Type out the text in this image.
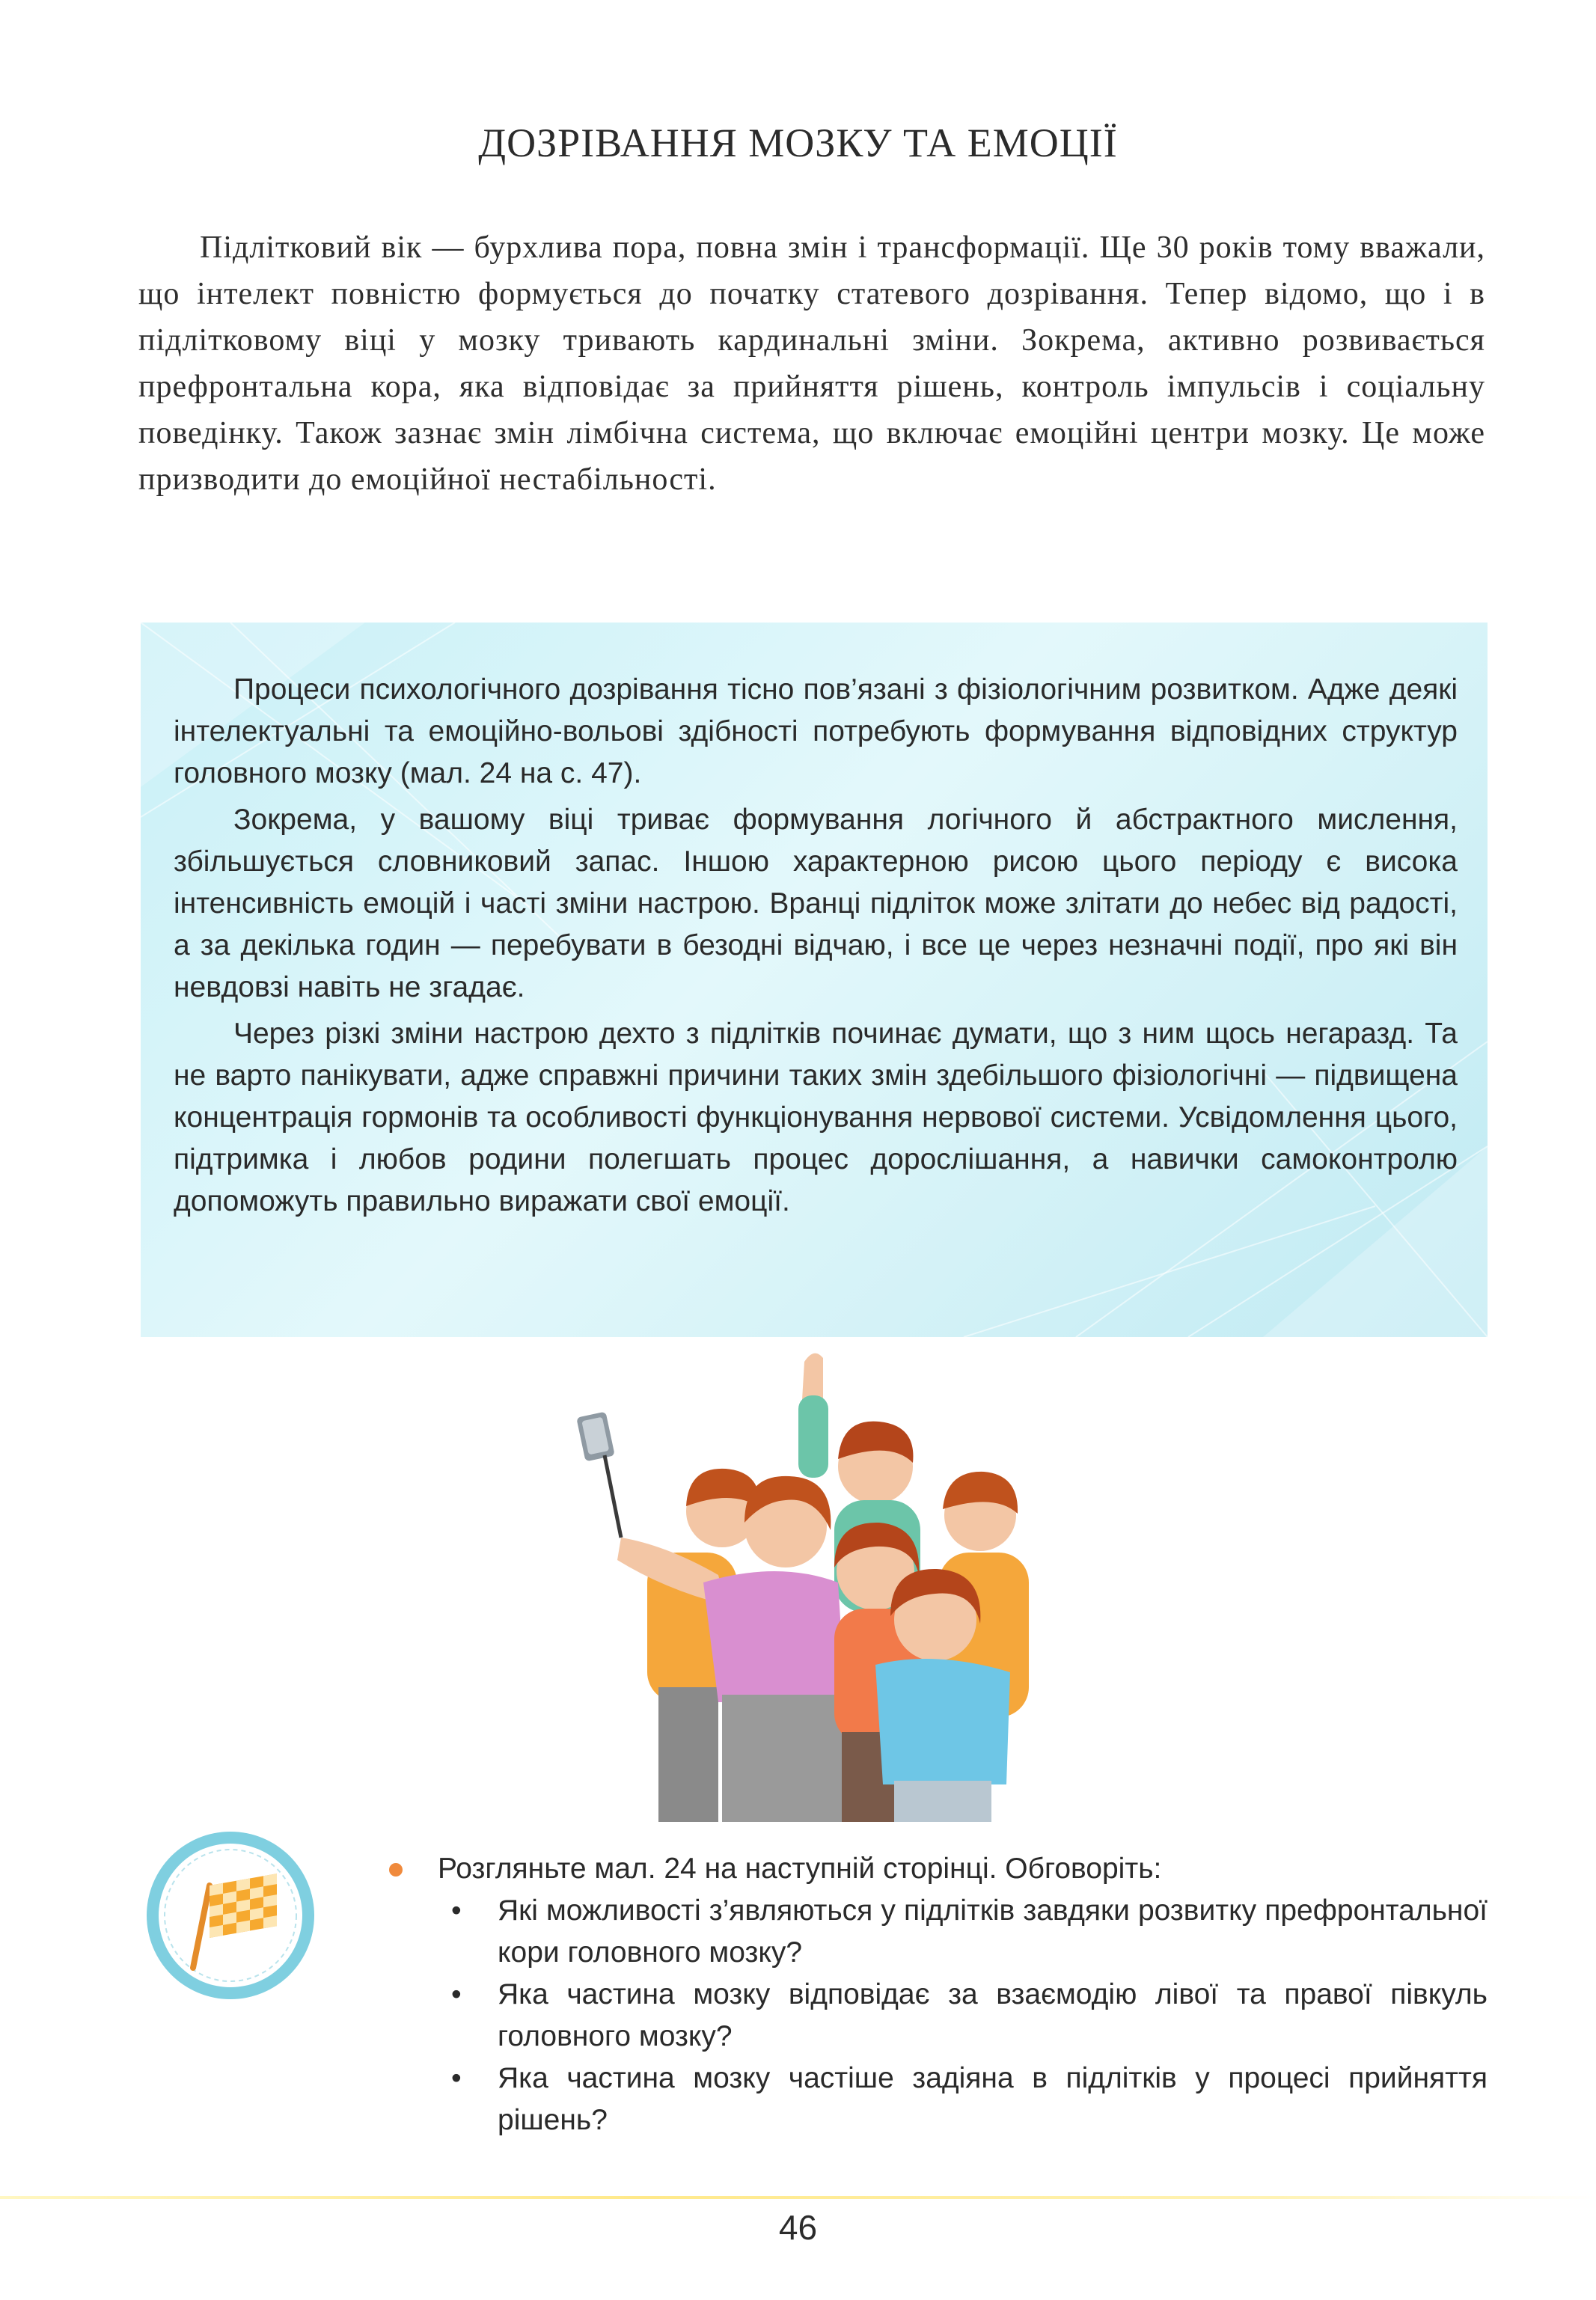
ДОЗРІВАННЯ МОЗКУ ТА ЕМОЦІЇ
Підлітковий вік — бурхлива пора, повна змін і трансформації. Ще 30 років тому вважали, що інтелект повністю формується до початку статевого дозрівання. Тепер відомо, що і в підлітковому віці у мозку тривають кардинальні зміни. Зокрема, активно розвивається префронтальна кора, яка відповідає за прийняття рішень, контроль імпульсів і соціальну поведінку. Також зазнає змін лімбічна система, що включає емоційні центри мозку. Це може призводити до емоційної нестабільності.

Процеси психологічного дозрівання тісно пов’язані з фізіологічним розвитком. Адже деякі інтелектуальні та емоційно-вольові здібності потребують формування відповідних структур головного мозку (мал. 24 на с. 47).

Зокрема, у вашому віці триває формування логічного й абстрактного мислення, збільшується словниковий запас. Іншою характерною рисою цього періоду є висока інтенсивність емоцій і часті зміни настрою. Вранці підліток може злітати до небес від радості, а за декілька годин — перебувати в безодні відчаю, і все це через незначні події, про які він невдовзі навіть не згадає.

Через різкі зміни настрою дехто з підлітків починає думати, що з ним щось негаразд. Та не варто панікувати, адже справжні причини таких змін здебільшого фізіологічні — підвищена концентрація гормонів та особливості функціонування нервової системи. Усвідомлення цього, підтримка і любов родини полегшать процес дорослішання, а навички самоконтролю допоможуть правильно виражати свої емоції.

Розгляньте мал. 24 на наступній сторінці. Обговоріть:
• Які можливості з’являються у підлітків завдяки розвитку префронтальної кори головного мозку?
• Яка частина мозку відповідає за взаємодію лівої та правої півкуль головного мозку?
• Яка частина мозку частіше задіяна в підлітків у процесі прийняття рішень?
46
